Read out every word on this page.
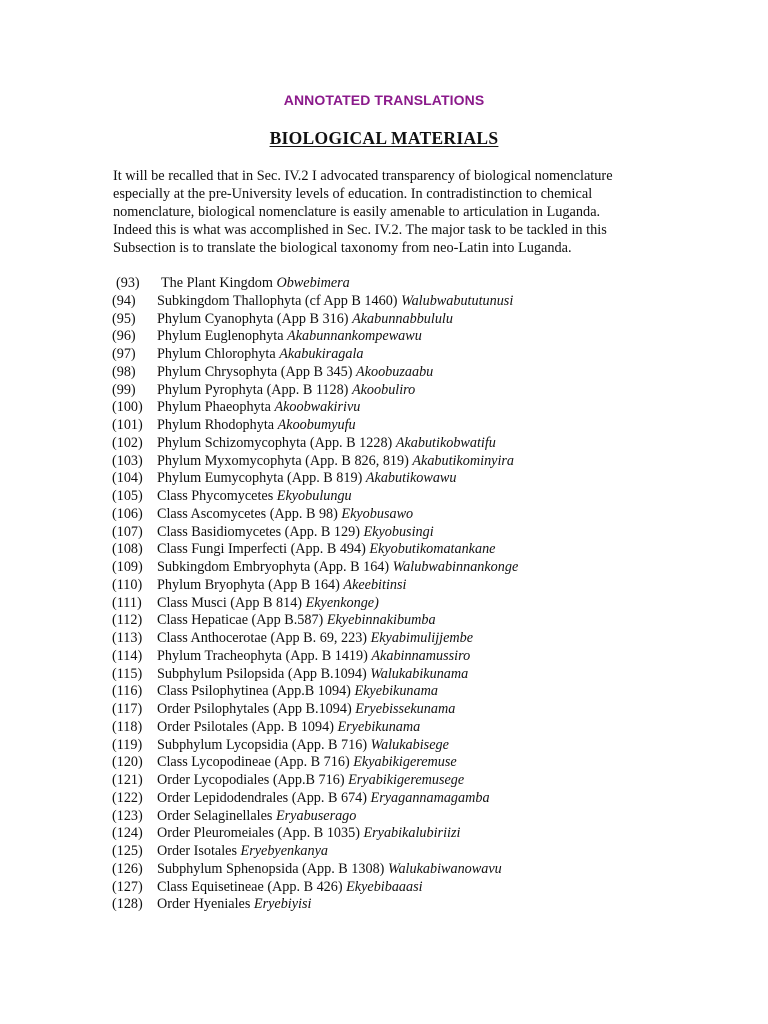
ANNOTATED TRANSLATIONS
BIOLOGICAL MATERIALS
It will be recalled that in Sec. IV.2 I advocated transparency of biological nomenclature
especially at the pre-University levels of education. In contradistinction to chemical
nomenclature, biological nomenclature is easily amenable to articulation in Luganda.
Indeed this is what was accomplished in Sec. IV.2. The major task to be tackled in this
Subsection is to translate the biological taxonomy from neo-Latin into Luganda.
(93) The Plant Kingdom Obwebimera
(94) Subkingdom Thallophyta (cf App B 1460) Walubwabututunusi
(95) Phylum Cyanophyta (App B 316) Akabunnabbululu
(96) Phylum Euglenophyta Akabunnankompewawu
(97) Phylum Chlorophyta Akabukiragala
(98) Phylum Chrysophyta (App B 345) Akoobuzaabu
(99) Phylum Pyrophyta (App. B 1128) Akoobuliro
(100) Phylum Phaeophyta Akoobwakirivu
(101) Phylum Rhodophyta Akoobumyufu
(102) Phylum Schizomycophyta (App. B 1228) Akabutikobwatifu
(103) Phylum Myxomycophyta (App. B 826, 819) Akabutikominyira
(104) Phylum Eumycophyta (App. B 819) Akabutikowawu
(105) Class Phycomycetes Ekyobulungu
(106) Class Ascomycetes (App. B 98) Ekyobusawo
(107) Class Basidiomycetes (App. B 129) Ekyobusingi
(108) Class Fungi Imperfecti (App. B 494) Ekyobutikomatankane
(109) Subkingdom Embryophyta (App. B 164) Walubwabinnankonge
(110) Phylum Bryophyta (App B 164) Akeebitinsi
(111) Class Musci (App B 814) Ekyenkonge)
(112) Class Hepaticae (App B.587) Ekyebinnakibumba
(113) Class Anthocerotae (App B. 69, 223) Ekyabimulijjembe
(114) Phylum Tracheophyta (App. B 1419) Akabinnamussiro
(115) Subphylum Psilopsida (App B.1094) Walukabikunama
(116) Class Psilophytinea (App.B 1094) Ekyebikunama
(117) Order Psilophytales (App B.1094) Eryebissekunama
(118) Order Psilotales (App. B 1094) Eryebikunama
(119) Subphylum Lycopsidia (App. B 716) Walukabisege
(120) Class Lycopodineae (App. B 716) Ekyabikigeremuse
(121) Order Lycopodiales (App.B 716) Eryabikigeremusege
(122) Order Lepidodendrales (App. B 674) Eryagannamagamba
(123) Order Selaginellales Eryabuserago
(124) Order Pleuromeiales (App. B 1035) Eryabikalubiriizi
(125) Order Isotales Eryebyenkanya
(126) Subphylum Sphenopsida (App. B 1308) Walukabiwanowavu
(127) Class Equisetineae (App. B 426) Ekyebibaaasi
(128) Order Hyeniales Eryebiyisi
